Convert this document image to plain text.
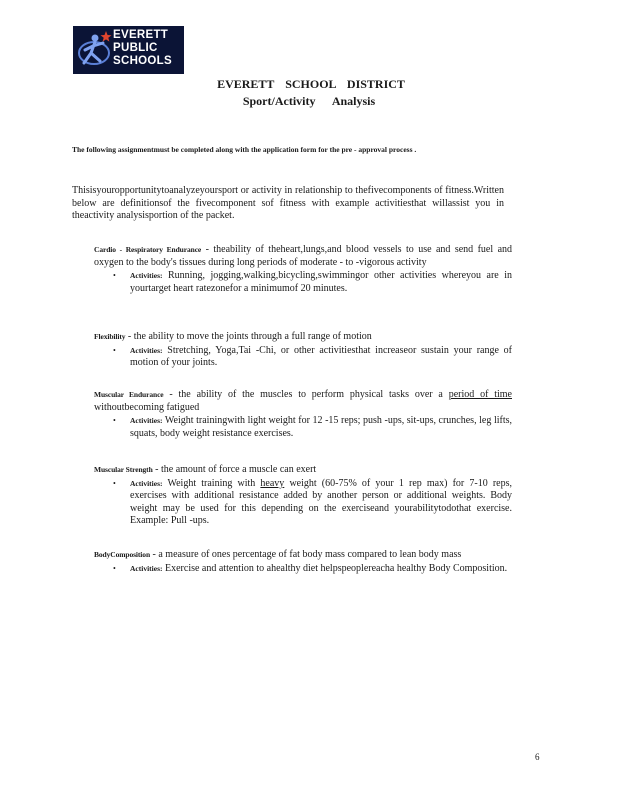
EVERETT
PUBLIC
SCHOOLS
EVERETT SCHOOL DISTRICT
Sport/Activity Analysis

The following assignmentmust be completed along with the application form for the pre - approval process .

Thisisyouropportunitytoanalyzeyoursport or activity in relationship to thefivecomponents of fitness.Written below are definitionsof the fivecomponent sof fitness with example activitiesthat willassist you in theactivity analysisportion of the packet.

Cardio - Respiratory Endurance - theability of theheart,lungs,and blood vessels to use and send fuel and oxygen to the body's tissues during long periods of moderate - to -vigorous activity

• Activities: Running, jogging,walking,bicycling,swimmingor other activities whereyou are in yourtarget heart ratezonefor a minimumof 20 minutes.

Flexibility - the ability to move the joints through a full range of motion

• Activities: Stretching, Yoga,Tai -Chi, or other activitiesthat increaseor sustain your range of motion of your joints.

Muscular Endurance - the ability of the muscles to perform physical tasks over a period of time withoutbecoming fatigued

• Activities: Weight trainingwith light weight for 12 -15 reps; push -ups, sit-ups, crunches, leg lifts, squats, body weight resistance exercises.

Muscular Strength - the amount of force a muscle can exert

• Activities: Weight training with heavy weight (60-75% of your 1 rep max) for 7-10 reps, exercises with additional resistance added by another person or additional weights. Body weight may be used for this depending on the exerciseand yourabilitytodothat exercise. Example: Pull -ups.

BodyComposition - a measure of ones percentage of fat body mass compared to lean body mass

• Activities: Exercise and attention to ahealthy diet helpspeoplereacha healthy Body Composition.
6
